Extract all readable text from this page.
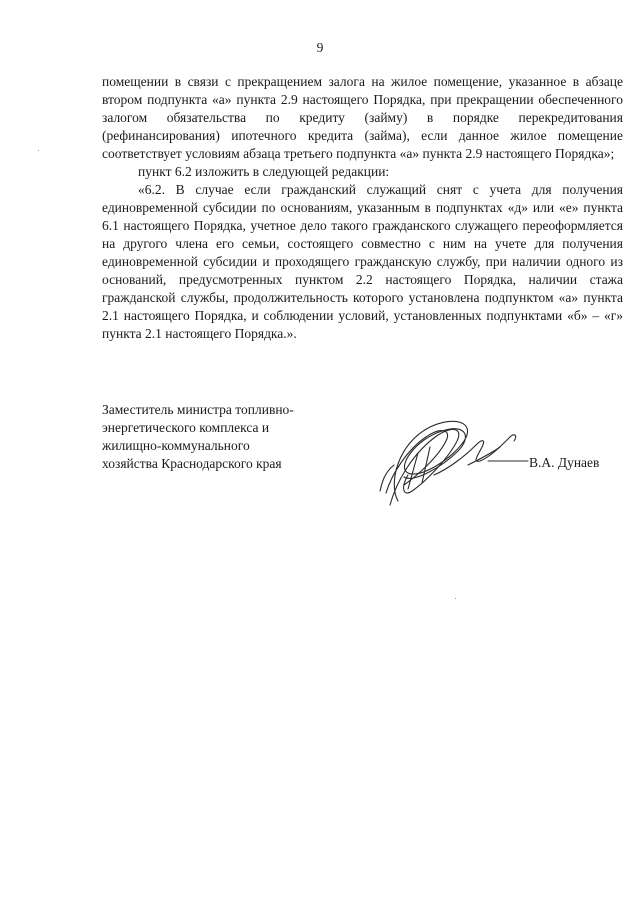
9

помещении в связи с прекращением залога на жилое помещение, указанное в абзаце втором подпункта «а» пункта 2.9 настоящего Порядка, при прекращении обеспеченного залогом обязательства по кредиту (займу) в порядке перекредитования (рефинансирования) ипотечного кредита (займа), если данное жилое помещение соответствует условиям абзаца третьего подпункта «а» пункта 2.9 настоящего Порядка»;

пункт 6.2 изложить в следующей редакции:

«6.2. В случае если гражданский служащий снят с учета для получения единовременной субсидии по основаниям, указанным в подпунктах «д» или «е» пункта 6.1 настоящего Порядка, учетное дело такого гражданского служащего переоформляется на другого члена его семьи, состоящего совместно с ним на учете для получения единовременной субсидии и проходящего гражданскую службу, при наличии одного из оснований, предусмотренных пунктом 2.2 настоящего Порядка, наличии стажа гражданской службы, продолжительность которого установлена подпунктом «а» пункта 2.1 настоящего Порядка, и соблюдении условий, установленных подпунктами «б» – «г» пункта 2.1 настоящего Порядка.».

Заместитель министра топливно-
энергетического комплекса и
жилищно-коммунального
хозяйства Краснодарского края	В.А. Дунаев
